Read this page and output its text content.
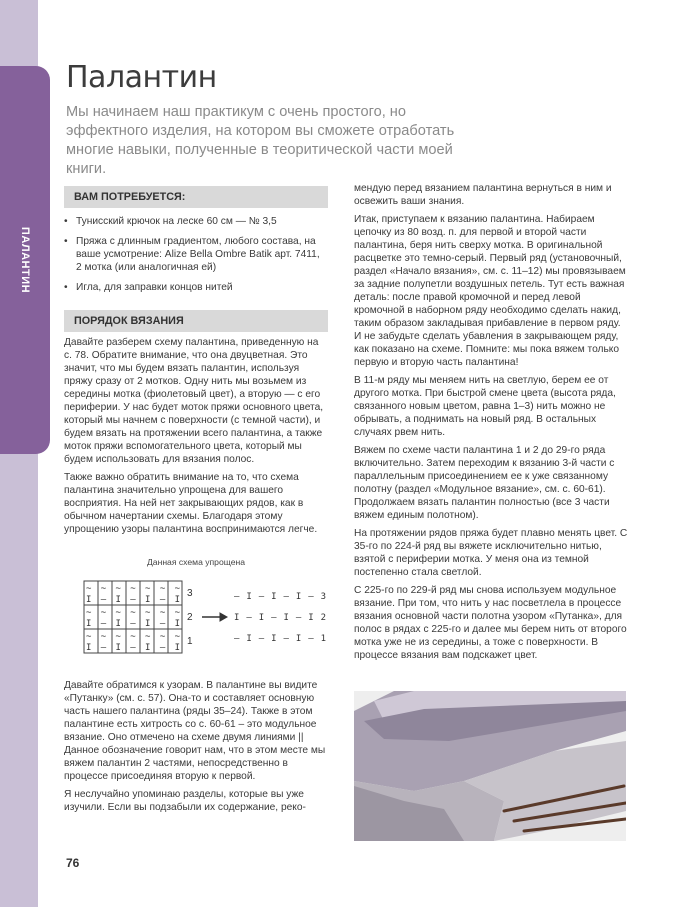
ПАЛАНТИН
Палантин
Мы начинаем наш практикум с очень простого, но эффектного изделия, на котором вы сможете отработать многие навыки, полученные в теоритической части моей книги.
ВАМ ПОТРЕБУЕТСЯ:
• Тунисский крючок на леске 60 см — № 3,5
• Пряжа с длинным градиентом, любого состава, на ваше усмотрение: Alize Bella Ombre Batik арт. 7411, 2 мотка (или аналогичная ей)
• Игла, для заправки концов нитей
ПОРЯДОК ВЯЗАНИЯ

Давайте разберем схему палантина, приведенную на с. 78. Обратите внимание, что она двуцветная. Это значит, что мы будем вязать палантин, используя пряжу сразу от 2 мотков. Одну нить мы возьмем из середины мотка (фиолетовый цвет), а вторую — с его периферии. У нас будет моток пряжи основного цвета, который мы начнем с поверхности (с темной части), и будем вязать на протяжении всего палантина, а также моток пряжи вспомогательного цвета, который мы будем использовать для вязания полос.

Также важно обратить внимание на то, что схема палантина значительно упрощена для вашего восприятия. На ней нет закрывающих рядов, как в обычном начертании схемы. Благодаря этому упрощению узоры палантина воспринимаются легче.

Данная схема упрощена
~ ~ ~ ~ ~ ~ ~
I — I — I — I
~ ~ ~ ~ ~ ~ ~
I — I — I — I
~ ~ ~ ~ ~ ~ ~
I — I — I — I
3
2
1
— I — I — I — 3
I — I — I — I 2
— I — I — I — 1

Давайте обратимся к узорам. В палантине вы видите «Путанку» (см. с. 57). Она-то и составляет основную часть нашего палантина (ряды 35–24). Также в этом палантине есть хитрость со с. 60-61 – это модульное вязание. Оно отмечено на схеме двумя линиями || Данное обозначение говорит нам, что в этом месте мы вяжем палантин 2 частями, непосредственно в процессе присоединяя вторую к первой.

Я неслучайно упоминаю разделы, которые вы уже изучили. Если вы подзабыли их содержание, реко-

мендую перед вязанием палантина вернуться в ним и освежить ваши знания.

Итак, приступаем к вязанию палантина. Набираем цепочку из 80 возд. п. для первой и второй части палантина, беря нить сверху мотка. В оригинальной расцветке это темно-серый. Первый ряд (установочный, раздел «Начало вязания», см. с. 11–12) мы провязываем за задние полупетли воздушных петель. Тут есть важная деталь: после правой кромочной и перед левой кромочной в наборном ряду необходимо сделать накид, таким образом закладывая прибавление в первом ряду. И не забудьте сделать убавления в закрывающем ряду, как показано на схеме. Помните: мы пока вяжем только первую и вторую часть палантина!

В 11-м ряду мы меняем нить на светлую, берем ее от другого мотка. При быстрой смене цвета (высота ряда, связанного новым цветом, равна 1–3) нить можно не обрывать, а поднимать на новый ряд. В остальных случаях рвем нить.

Вяжем по схеме части палантина 1 и 2 до 29-го ряда включительно. Затем переходим к вязанию 3-й части с параллельным присоединением ее к уже связанному полотну (раздел «Модульное вязание», см. с. 60-61). Продолжаем вязать палантин полностью (все 3 части вяжем единым полотном).

На протяжении рядов пряжа будет плавно менять цвет. С 35-го по 224-й ряд вы вяжете исключительно нитью, взятой с периферии мотка. У меня она из темной постепенно стала светлой.

С 225-го по 229-й ряд мы снова используем модульное вязание. При том, что нить у нас посветлела в процессе вязания основной части полотна узором «Путанка», для полос в рядах с 225-го и далее мы берем нить от второго мотка уже не из середины, а тоже с поверхности. В процессе вязания вам подскажет цвет.

76
